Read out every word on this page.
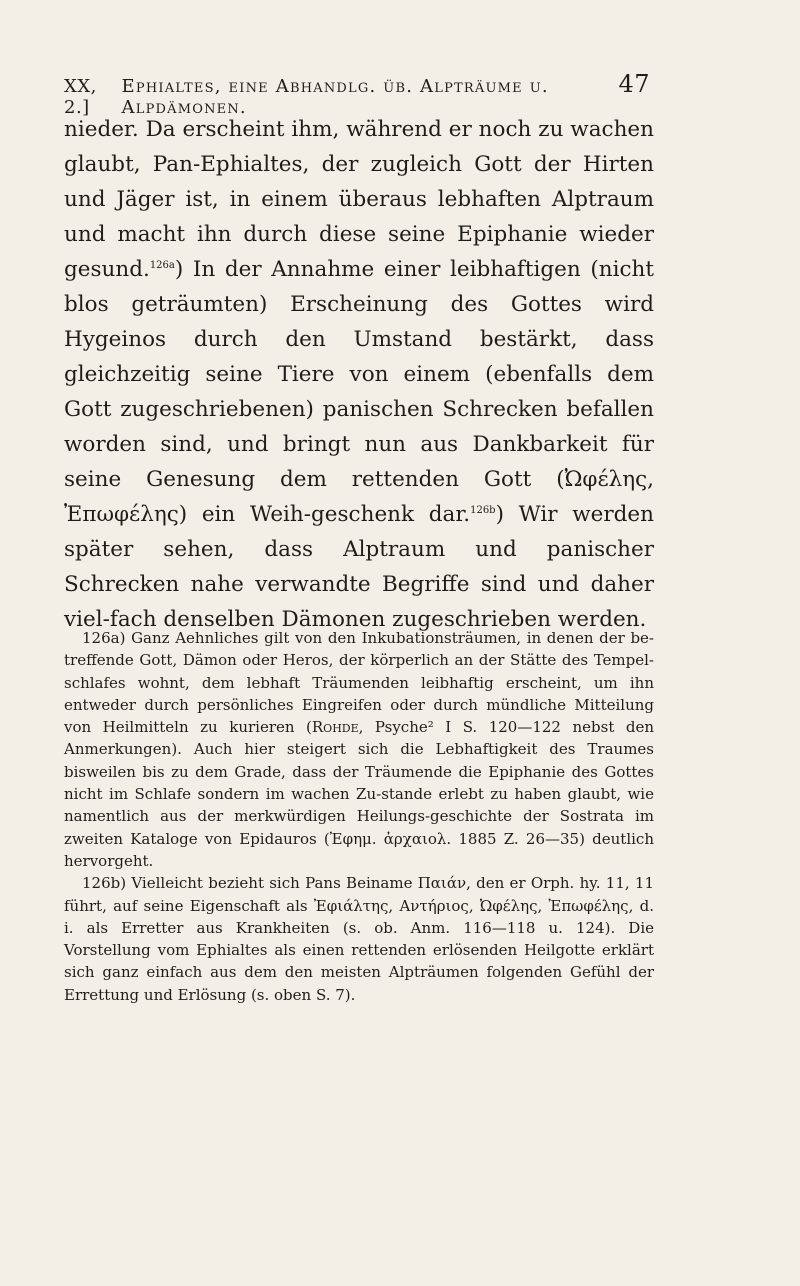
XX, 2.]
Ephialtes, eine Abhandlg. üb. Alpträume u. Alpdämonen.
47

nieder. Da erscheint ihm, während er noch zu wachen glaubt, Pan-Ephialtes, der zugleich Gott der Hirten und Jäger ist, in einem überaus lebhaften Alptraum und macht ihn durch diese seine Epiphanie wieder gesund.$^{126a}$) In der Annahme einer leibhaftigen (nicht blos geträumten) Erscheinung des Gottes wird Hygeinos durch den Umstand bestärkt, dass gleichzeitig seine Tiere von einem (ebenfalls dem Gott zugeschriebenen) panischen Schrecken befallen worden sind, und bringt nun aus Dankbarkeit für seine Genesung dem rettenden Gott (Ὠφέλης, Ἐπωφέλης) ein Weih-geschenk dar.$^{126b}$) Wir werden später sehen, dass Alptraum und panischer Schrecken nahe verwandte Begriffe sind und daher viel-fach denselben Dämonen zugeschrieben werden.

126a) Ganz Aehnliches gilt von den Inkubationsträumen, in denen der be-treffende Gott, Dämon oder Heros, der körperlich an der Stätte des Tempel-schlafes wohnt, dem lebhaft Träumenden leibhaftig erscheint, um ihn entweder durch persönliches Eingreifen oder durch mündliche Mitteilung von Heilmitteln zu kurieren (Rohde, Psyche² I S. 120—122 nebst den Anmerkungen). Auch hier steigert sich die Lebhaftigkeit des Traumes bisweilen bis zu dem Grade, dass der Träumende die Epiphanie des Gottes nicht im Schlafe sondern im wachen Zu-stande erlebt zu haben glaubt, wie namentlich aus der merkwürdigen Heilungs-geschichte der Sostrata im zweiten Kataloge von Epidauros (Ἐφημ. ἀρχαιολ. 1885 Z. 26—35) deutlich hervorgeht.

126b) Vielleicht bezieht sich Pans Beiname Παιάν, den er Orph. hy. 11, 11 führt, auf seine Eigenschaft als Ἐφιάλτης, Αντήριος, Ὠφέλης, Ἐπωφέλης, d. i. als Erretter aus Krankheiten (s. ob. Anm. 116—118 u. 124). Die Vorstellung vom Ephialtes als einen rettenden erlösenden Heilgotte erklärt sich ganz einfach aus dem den meisten Alpträumen folgenden Gefühl der Errettung und Erlösung (s. oben S. 7).
